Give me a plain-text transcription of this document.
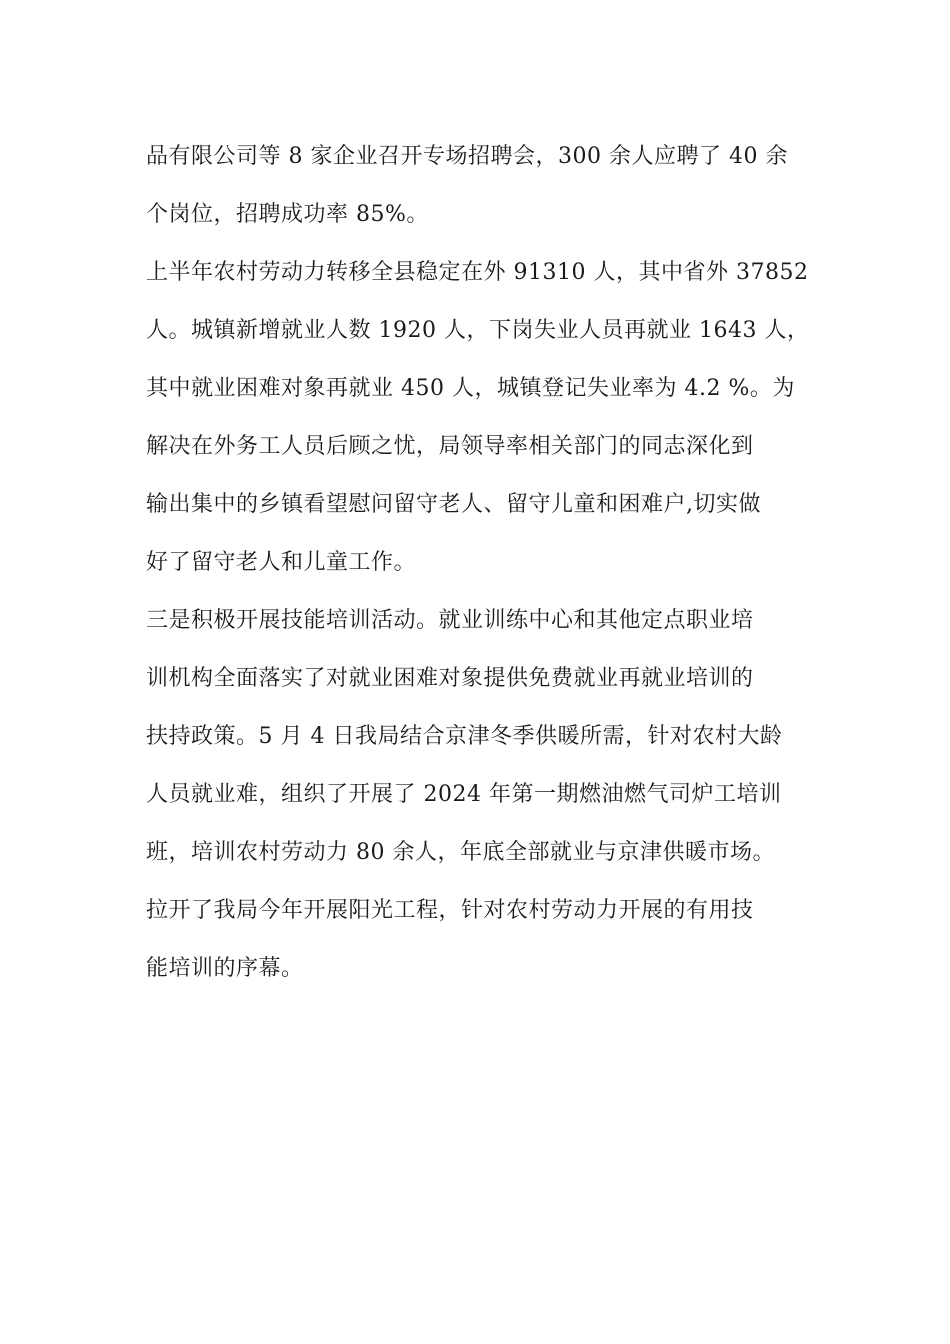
品有限公司等 8 家企业召开专场招聘会，300 余人应聘了 40 余
个岗位，招聘成功率 85%。
上半年农村劳动力转移全县稳定在外 91310 人，其中省外 37852
人。城镇新增就业人数 1920 人，下岗失业人员再就业 1643 人，
其中就业困难对象再就业 450 人，城镇登记失业率为 4.2 %。为
解决在外务工人员后顾之忧，局领导率相关部门的同志深化到
输出集中的乡镇看望慰问留守老人、留守儿童和困难户,切实做
好了留守老人和儿童工作。
三是积极开展技能培训活动。就业训练中心和其他定点职业培
训机构全面落实了对就业困难对象提供免费就业再就业培训的
扶持政策。5 月 4 日我局结合京津冬季供暖所需，针对农村大龄
人员就业难，组织了开展了 2024 年第一期燃油燃气司炉工培训
班，培训农村劳动力 80 余人，年底全部就业与京津供暖市场。
拉开了我局今年开展阳光工程，针对农村劳动力开展的有用技
能培训的序幕。
